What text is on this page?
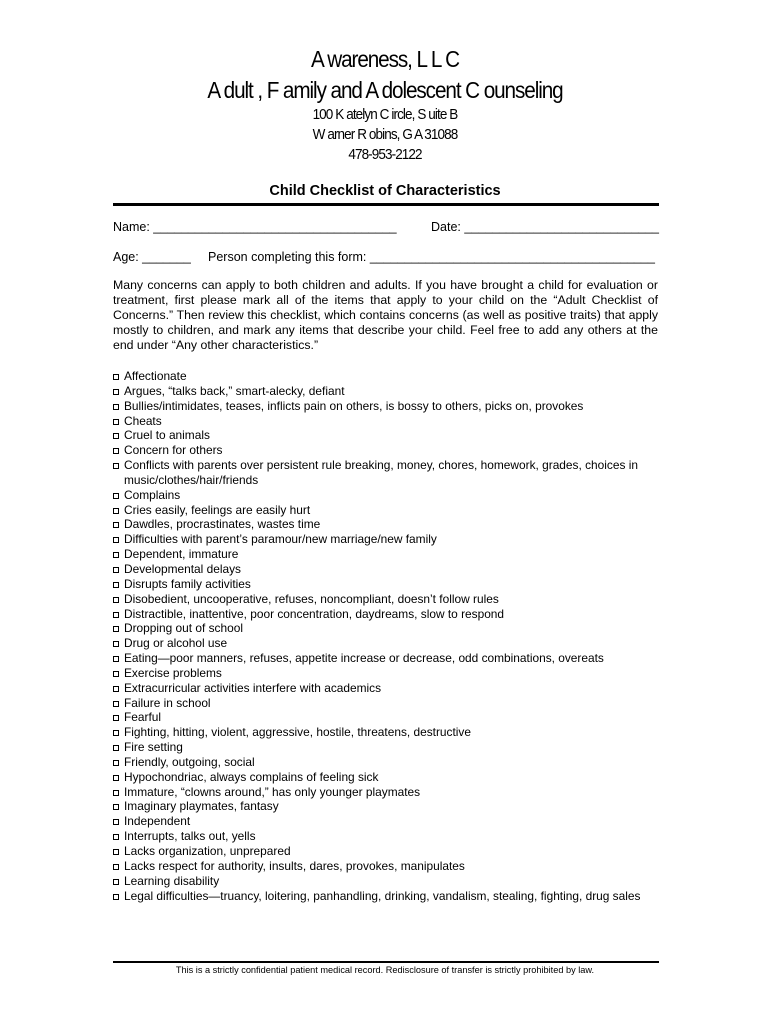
A wareness, L L C
A dult , F amily and A dolescent C ounseling
100 K atelyn C ircle, S uite B
W arner R obins, G A 31088
478-953-2122
Child Checklist of Characteristics
Name: ___________________________________	Date: ____________________________
Age: _______ Person completing this form: _________________________________________
Many concerns can apply to both children and adults. If you have brought a child for evaluation or treatment, first please mark all of the items that apply to your child on the “Adult Checklist of Concerns.” Then review this checklist, which contains concerns (as well as positive traits) that apply mostly to children, and mark any items that describe your child. Feel free to add any others at the end under “Any other characteristics.”
Affectionate
Argues, “talks back,” smart-alecky, defiant
Bullies/intimidates, teases, inflicts pain on others, is bossy to others, picks on, provokes
Cheats
Cruel to animals
Concern for others
Conflicts with parents over persistent rule breaking, money, chores, homework, grades, choices in music/clothes/hair/friends
Complains
Cries easily, feelings are easily hurt
Dawdles, procrastinates, wastes time
Difficulties with parent’s paramour/new marriage/new family
Dependent, immature
Developmental delays
Disrupts family activities
Disobedient, uncooperative, refuses, noncompliant, doesn’t follow rules
Distractible, inattentive, poor concentration, daydreams, slow to respond
Dropping out of school
Drug or alcohol use
Eating—poor manners, refuses, appetite increase or decrease, odd combinations, overeats
Exercise problems
Extracurricular activities interfere with academics
Failure in school
Fearful
Fighting, hitting, violent, aggressive, hostile, threatens, destructive
Fire setting
Friendly, outgoing, social
Hypochondriac, always complains of feeling sick
Immature, “clowns around,” has only younger playmates
Imaginary playmates, fantasy
Independent
Interrupts, talks out, yells
Lacks organization, unprepared
Lacks respect for authority, insults, dares, provokes, manipulates
Learning disability
Legal difficulties—truancy, loitering, panhandling, drinking, vandalism, stealing, fighting, drug sales
This is a strictly confidential patient medical record. Redisclosure of transfer is strictly prohibited by law.
